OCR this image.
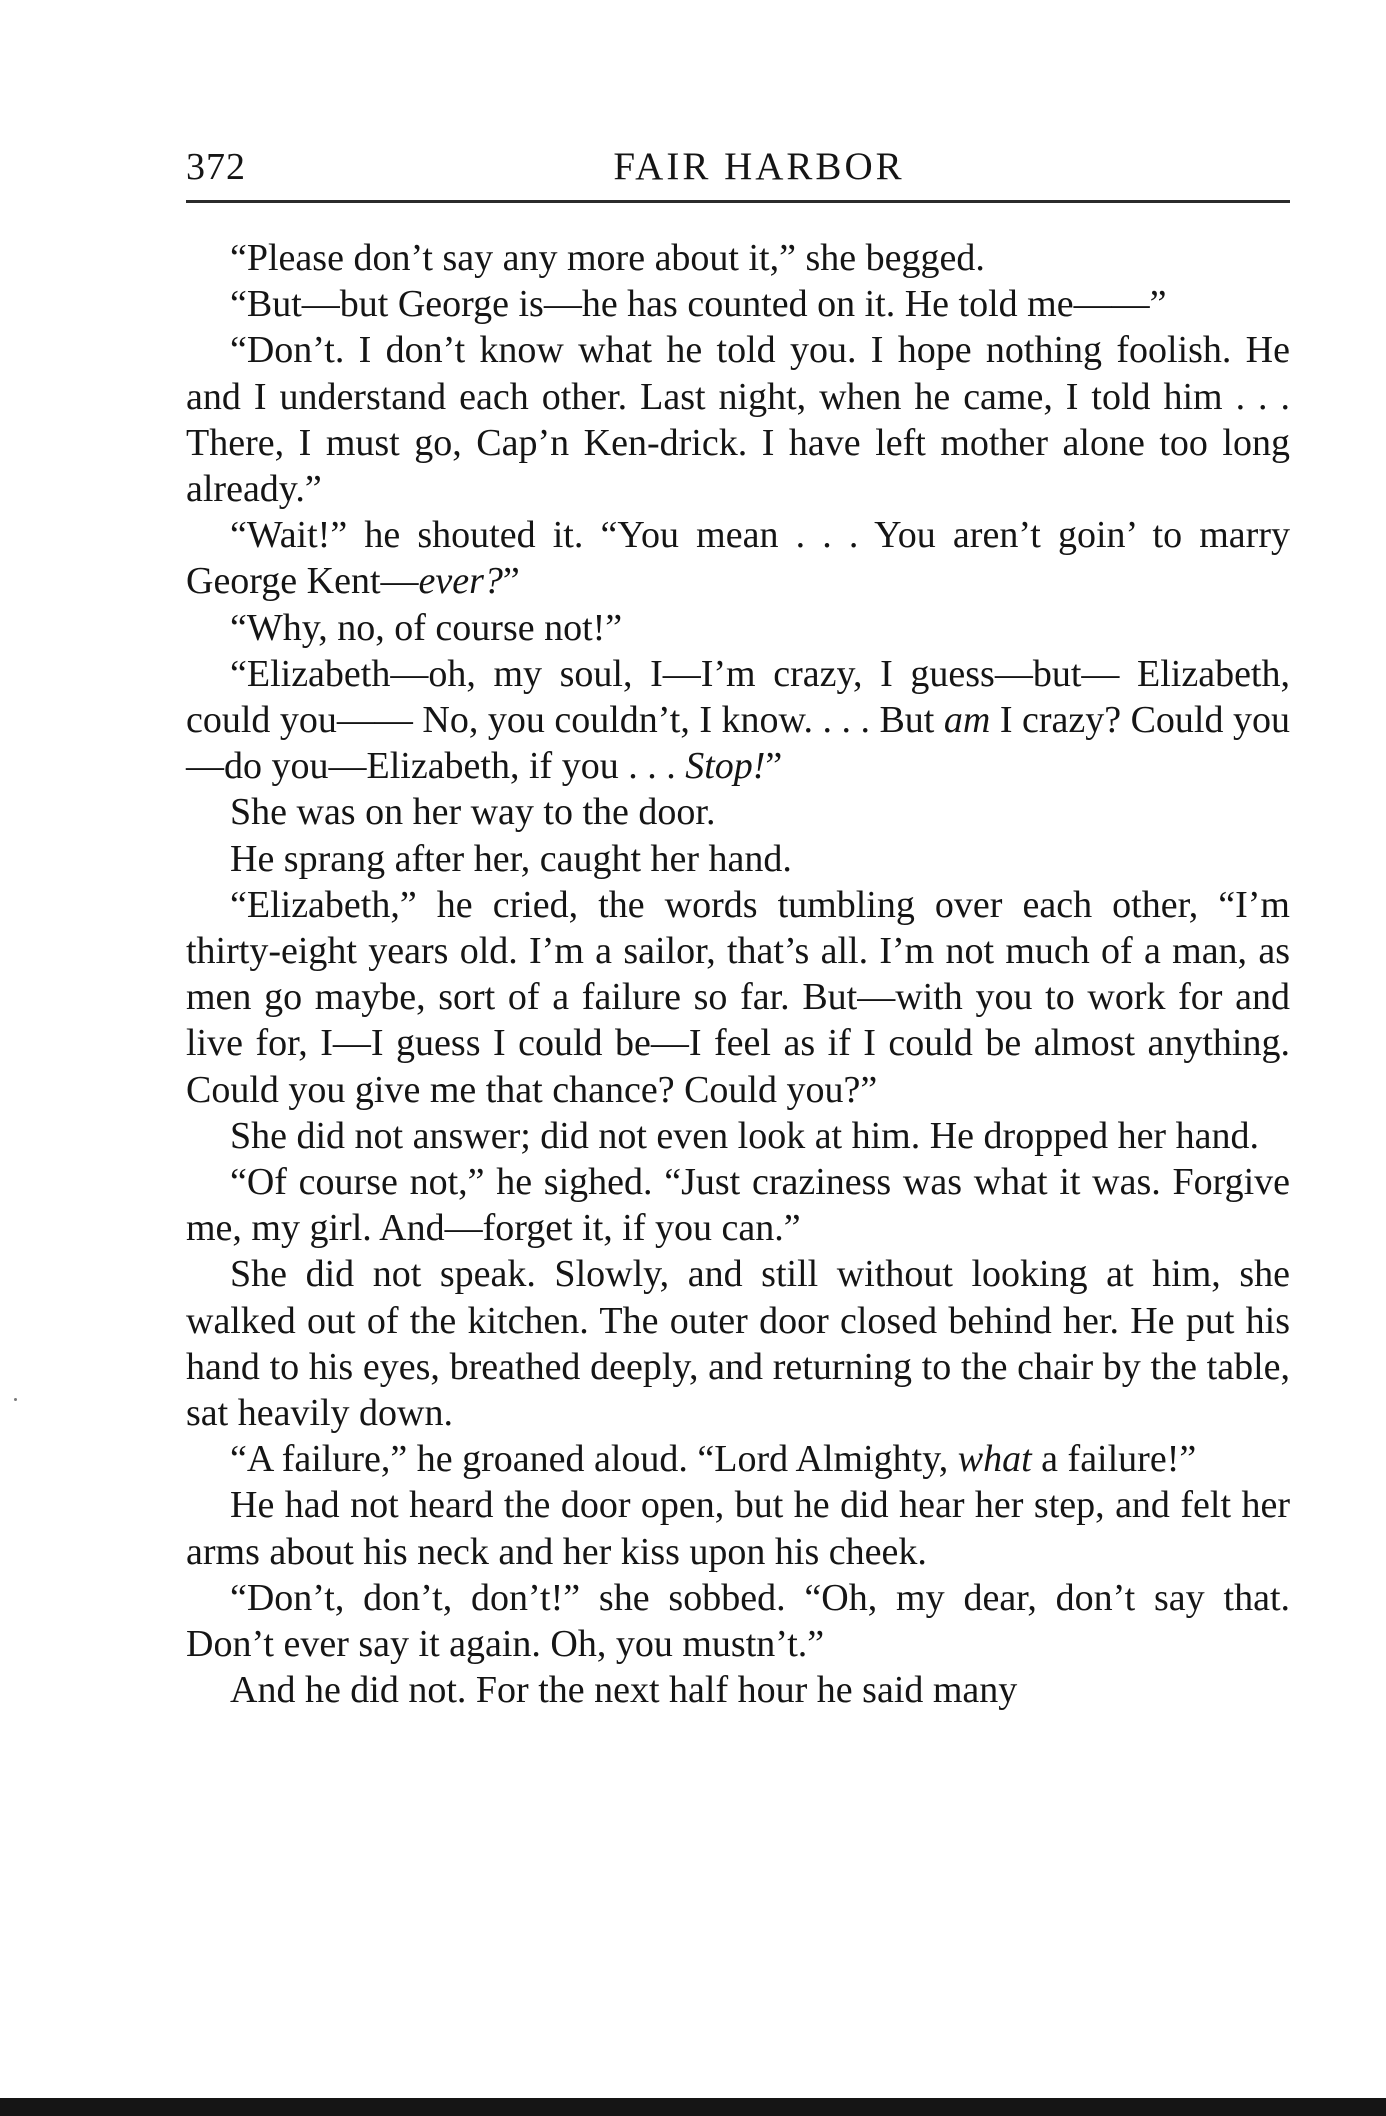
372	FAIR HARBOR

“Please don’t say any more about it,” she begged.

“But—but George is—he has counted on it. He told me——”

“Don’t. I don’t know what he told you. I hope nothing foolish. He and I understand each other. Last night, when he came, I told him . . . There, I must go, Cap’n Ken-drick. I have left mother alone too long already.”

“Wait!” he shouted it. “You mean . . . You aren’t goin’ to marry George Kent—ever?”

“Why, no, of course not!”

“Elizabeth—oh, my soul, I—I’m crazy, I guess—but— Elizabeth, could you—— No, you couldn’t, I know. . . . But am I crazy? Could you—do you—Elizabeth, if you . . . Stop!”

She was on her way to the door.

He sprang after her, caught her hand.

“Elizabeth,” he cried, the words tumbling over each other, “I’m thirty-eight years old. I’m a sailor, that’s all. I’m not much of a man, as men go maybe, sort of a failure so far. But—with you to work for and live for, I—I guess I could be—I feel as if I could be almost anything. Could you give me that chance? Could you?”

She did not answer; did not even look at him. He dropped her hand.

“Of course not,” he sighed. “Just craziness was what it was. Forgive me, my girl. And—forget it, if you can.”

She did not speak. Slowly, and still without looking at him, she walked out of the kitchen. The outer door closed behind her. He put his hand to his eyes, breathed deeply, and returning to the chair by the table, sat heavily down.

“A failure,” he groaned aloud. “Lord Almighty, what a failure!”

He had not heard the door open, but he did hear her step, and felt her arms about his neck and her kiss upon his cheek.

“Don’t, don’t, don’t!” she sobbed. “Oh, my dear, don’t say that. Don’t ever say it again. Oh, you mustn’t.”

And he did not. For the next half hour he said many
